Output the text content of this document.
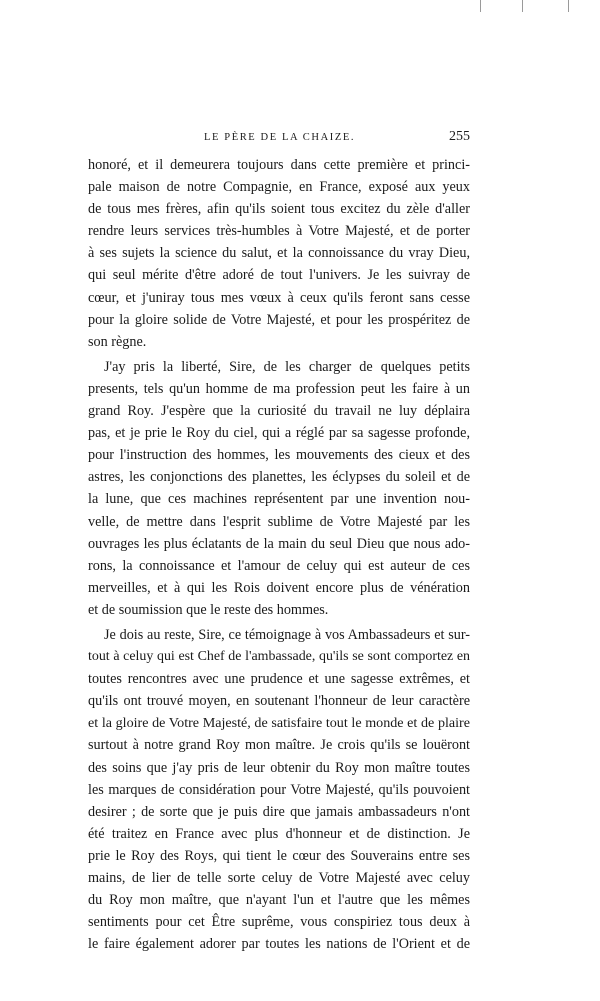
LE PÈRE DE LA CHAIZE.	255

honoré, et il demeurera toujours dans cette première et princi-
pale maison de notre Compagnie, en France, exposé aux yeux
de tous mes frères, afin qu'ils soient tous excitez du zèle d'aller
rendre leurs services très-humbles à Votre Majesté, et de porter
à ses sujets la science du salut, et la connoissance du vray Dieu,
qui seul mérite d'être adoré de tout l'univers. Je les suivray de
cœur, et j'uniray tous mes vœux à ceux qu'ils feront sans cesse
pour la gloire solide de Votre Majesté, et pour les prospéritez de
son règne.

J'ay pris la liberté, Sire, de les charger de quelques petits
presents, tels qu'un homme de ma profession peut les faire à un
grand Roy. J'espère que la curiosité du travail ne luy déplaira
pas, et je prie le Roy du ciel, qui a réglé par sa sagesse profonde,
pour l'instruction des hommes, les mouvements des cieux et des
astres, les conjonctions des planettes, les éclypses du soleil et de
la lune, que ces machines représentent par une invention nou-
velle, de mettre dans l'esprit sublime de Votre Majesté par les
ouvrages les plus éclatants de la main du seul Dieu que nous ado-
rons, la connoissance et l'amour de celuy qui est auteur de ces
merveilles, et à qui les Rois doivent encore plus de vénération
et de soumission que le reste des hommes.

Je dois au reste, Sire, ce témoignage à vos Ambassadeurs et sur-
tout à celuy qui est Chef de l'ambassade, qu'ils se sont comportez en
toutes rencontres avec une prudence et une sagesse extrêmes, et
qu'ils ont trouvé moyen, en soutenant l'honneur de leur caractère
et la gloire de Votre Majesté, de satisfaire tout le monde et de plaire
surtout à notre grand Roy mon maître. Je crois qu'ils se louëront
des soins que j'ay pris de leur obtenir du Roy mon maître toutes
les marques de considération pour Votre Majesté, qu'ils pouvoient
desirer ; de sorte que je puis dire que jamais ambassadeurs n'ont
été traitez en France avec plus d'honneur et de distinction. Je
prie le Roy des Roys, qui tient le cœur des Souverains entre ses
mains, de lier de telle sorte celuy de Votre Majesté avec celuy
du Roy mon maître, que n'ayant l'un et l'autre que les mêmes
sentiments pour cet Être suprême, vous conspiriez tous deux à
le faire également adorer par toutes les nations de l'Orient et de
